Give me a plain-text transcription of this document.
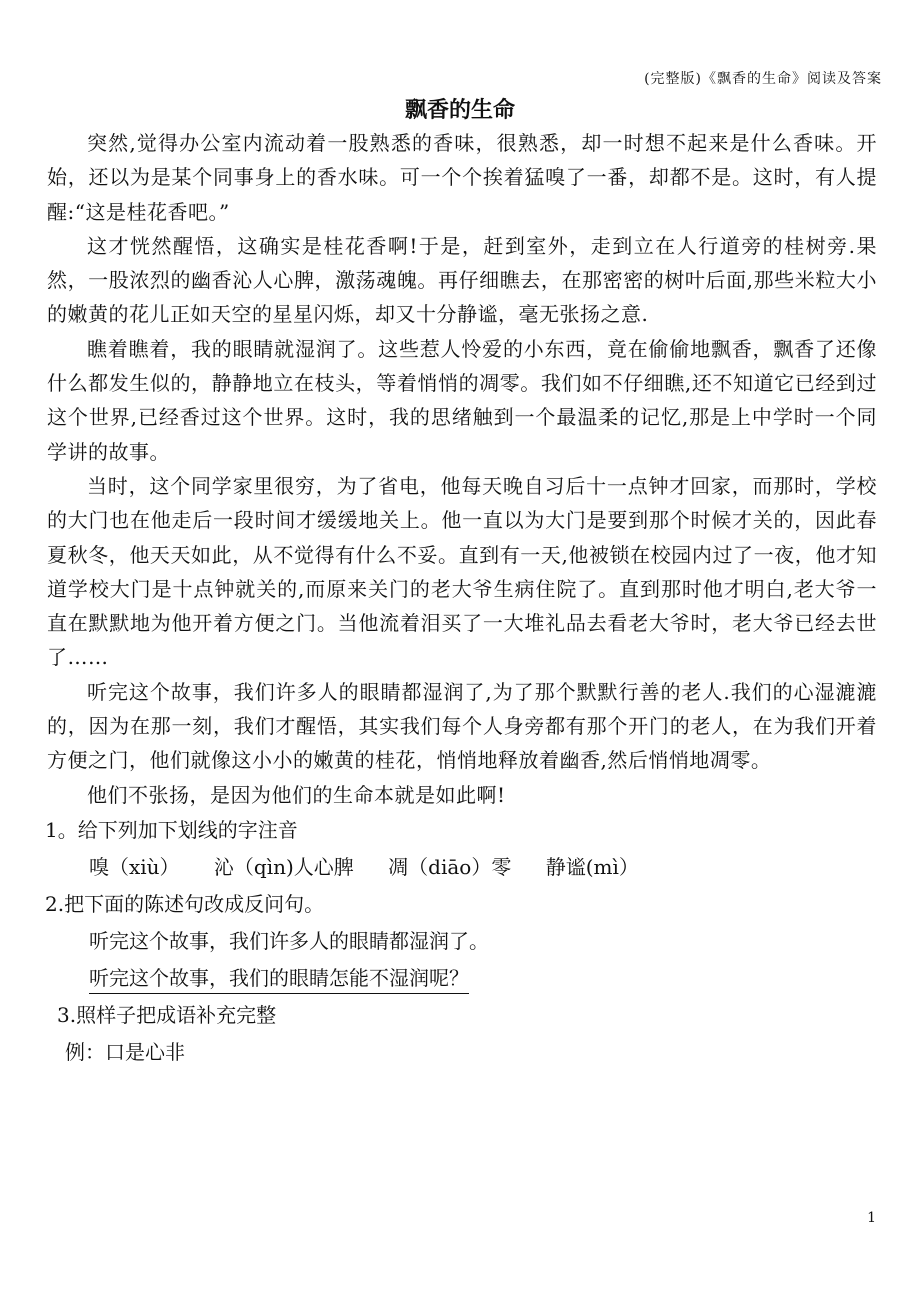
(完整版)《飘香的生命》阅读及答案
飘香的生命

突然,觉得办公室内流动着一股熟悉的香味，很熟悉，却一时想不起来是什么香味。开始，还以为是某个同事身上的香水味。可一个个挨着猛嗅了一番，却都不是。这时，有人提醒:“这是桂花香吧。”

这才恍然醒悟，这确实是桂花香啊!于是，赶到室外，走到立在人行道旁的桂树旁.果然，一股浓烈的幽香沁人心脾，激荡魂魄。再仔细瞧去，在那密密的树叶后面,那些米粒大小的嫩黄的花儿正如天空的星星闪烁，却又十分静谧，毫无张扬之意.

瞧着瞧着，我的眼睛就湿润了。这些惹人怜爱的小东西，竟在偷偷地飘香，飘香了还像什么都发生似的，静静地立在枝头，等着悄悄的凋零。我们如不仔细瞧,还不知道它已经到过这个世界,已经香过这个世界。这时，我的思绪触到一个最温柔的记忆,那是上中学时一个同学讲的故事。

当时，这个同学家里很穷，为了省电，他每天晚自习后十一点钟才回家，而那时，学校的大门也在他走后一段时间才缓缓地关上。他一直以为大门是要到那个时候才关的，因此春夏秋冬，他天天如此，从不觉得有什么不妥。直到有一天,他被锁在校园内过了一夜，他才知道学校大门是十点钟就关的,而原来关门的老大爷生病住院了。直到那时他才明白,老大爷一直在默默地为他开着方便之门。当他流着泪买了一大堆礼品去看老大爷时，老大爷已经去世了……

听完这个故事，我们许多人的眼睛都湿润了,为了那个默默行善的老人.我们的心湿漉漉的，因为在那一刻，我们才醒悟，其实我们每个人身旁都有那个开门的老人，在为我们开着方便之门，他们就像这小小的嫩黄的桂花，悄悄地释放着幽香,然后悄悄地凋零。

他们不张扬，是因为他们的生命本就是如此啊!

1。给下列加下划线的字注音

嗅（xiù） 沁（qìn)人心脾 凋（diāo）零 静谧(mì）

2.把下面的陈述句改成反问句。

听完这个故事，我们许多人的眼睛都湿润了。

听完这个故事，我们的眼睛怎能不湿润呢？

3.照样子把成语补充完整

例：口是心非

1
